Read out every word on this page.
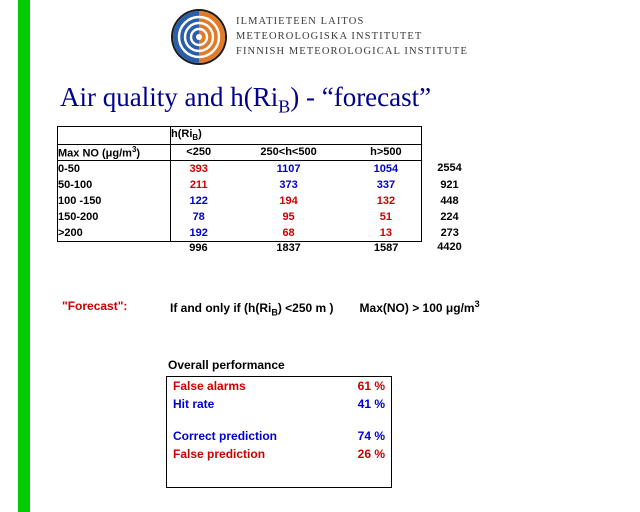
ILMATIETEEN LAITOS
METEOROLOGISKA INSTITUTET
FINNISH METEOROLOGICAL INSTITUTE
Air quality and $h(Ri_B)$ - “forecast”
	$h(Ri_B)$			
Max NO $(\mu g/m^3)$	<250	250<h<500	h>500	
0-50	393	1107	1054	2554
50-100	211	373	337	921
100 -150	122	194	132	448
150-200	78	95	51	224
>200	192	68	13	273
	996	1837	1587	4420
"Forecast":	If and only if ($h(Ri_B) <250$ m ) Max(NO) > 100 $\mu g/m^3$
Overall performance
False alarms	61 %
Hit rate	41 %

Correct prediction	74 %
False prediction	26 %
